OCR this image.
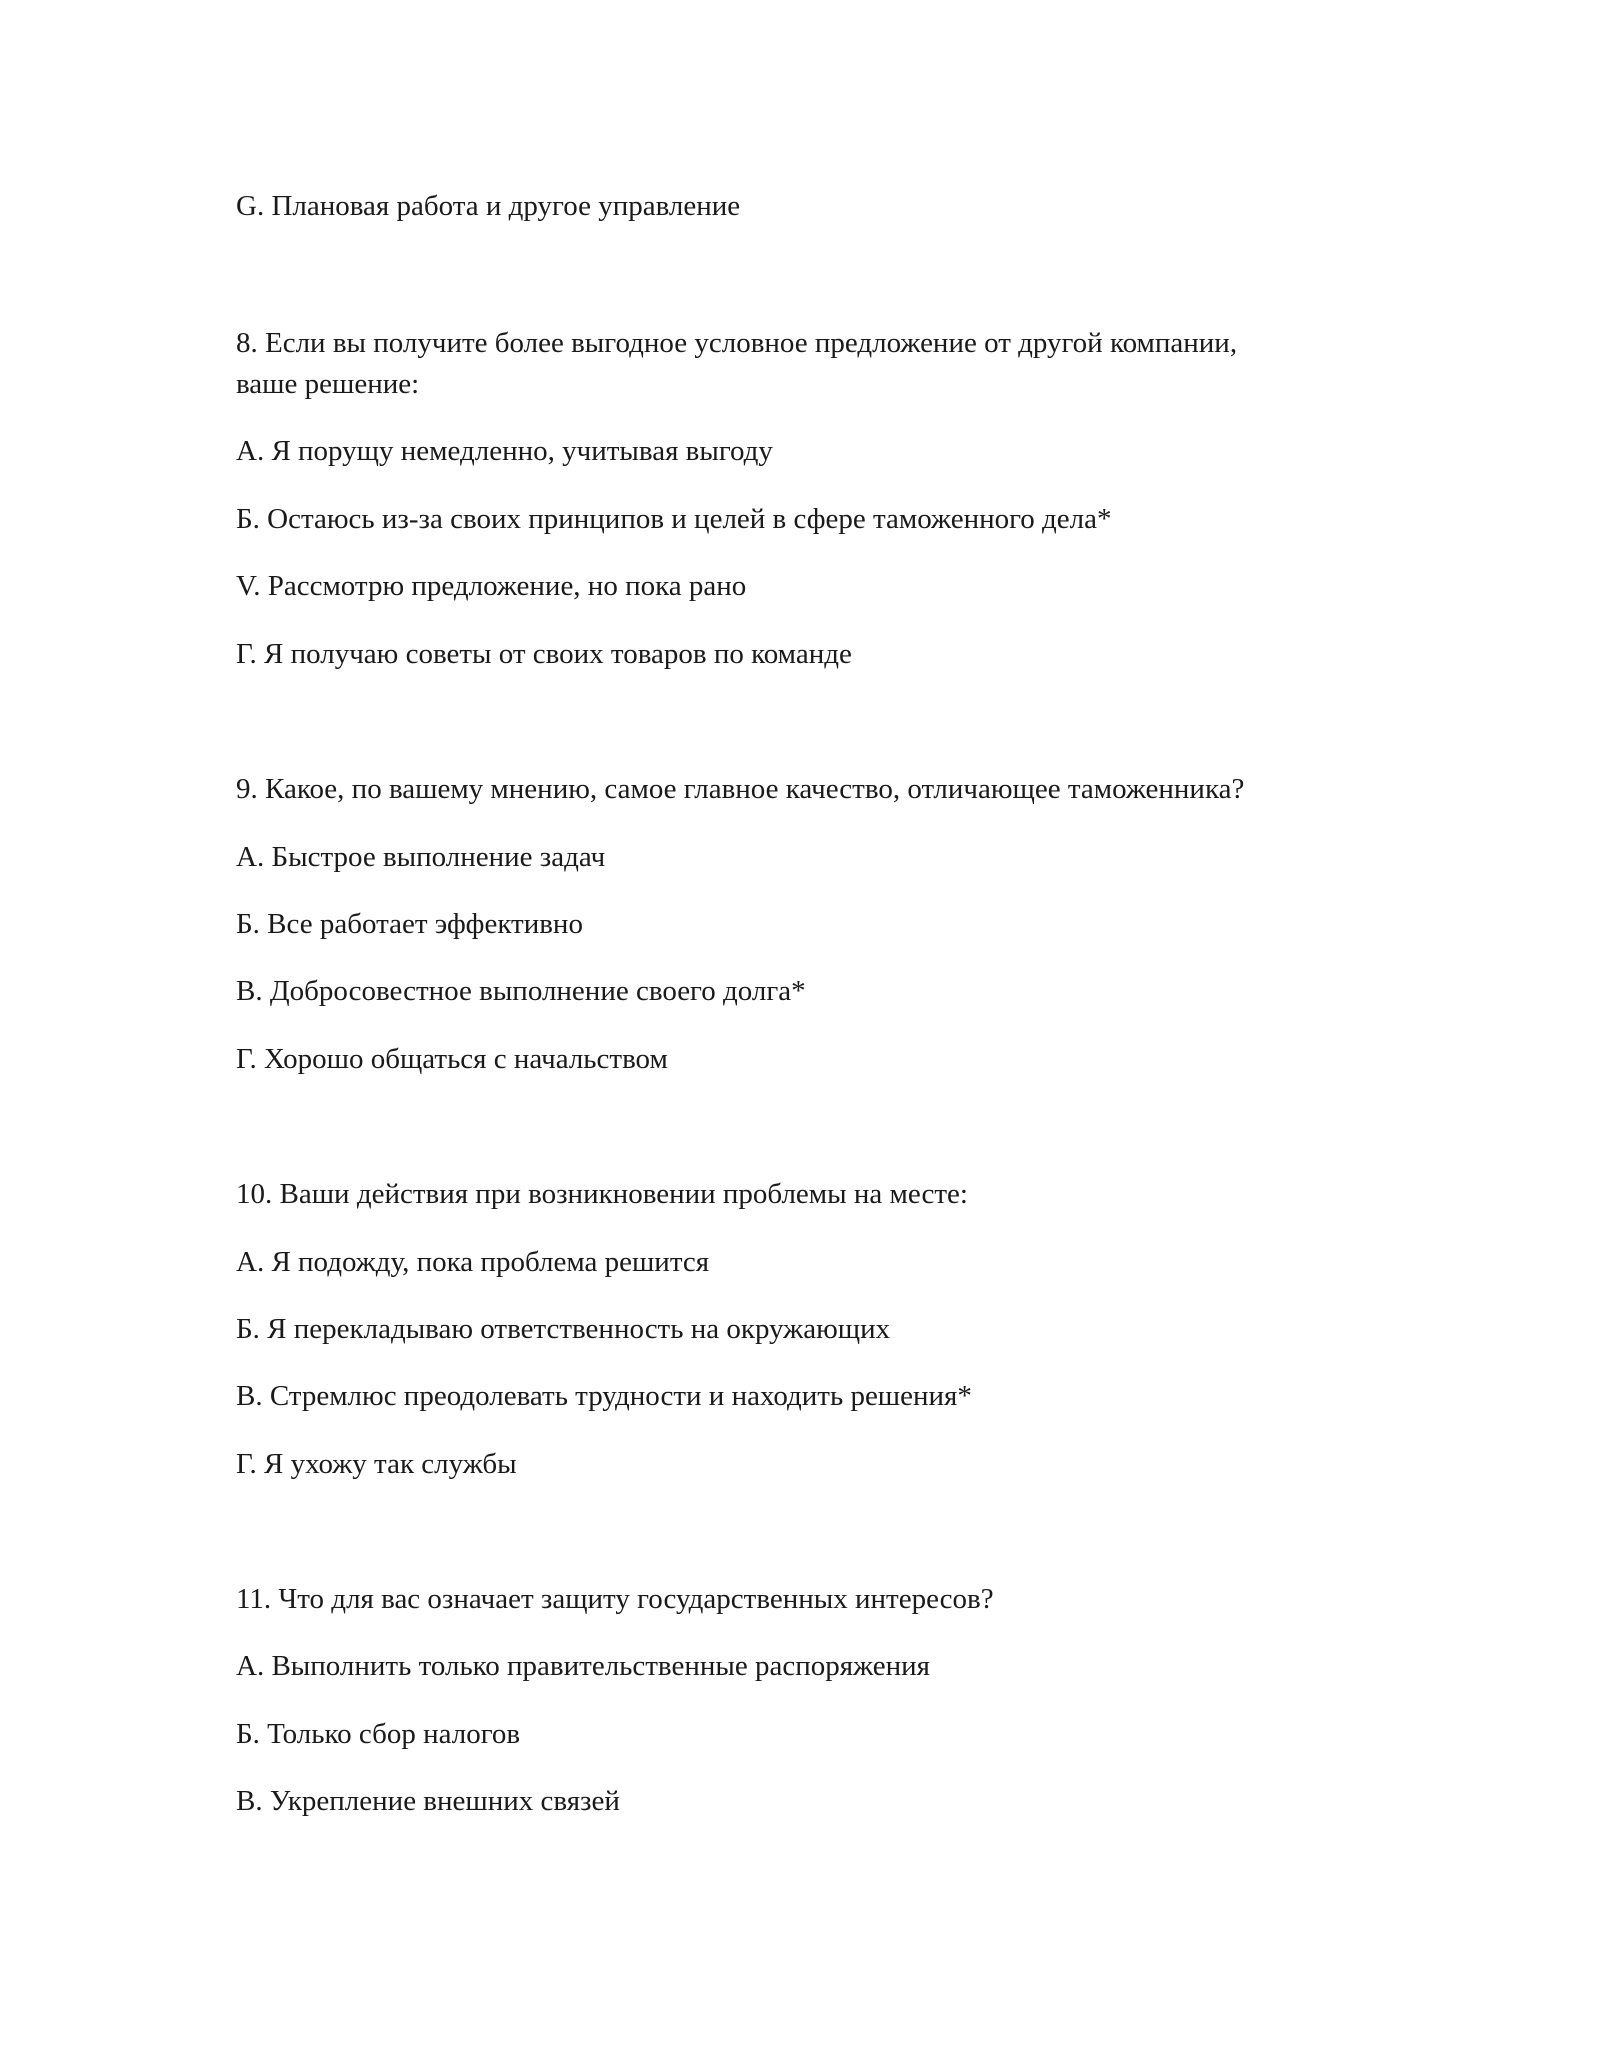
G. Плановая работа и другое управление
8. Если вы получите более выгодное условное предложение от другой компании,
ваше решение:
А. Я порущу немедленно, учитывая выгоду
Б. Остаюсь из-за своих принципов и целей в сфере таможенного дела*
V. Рассмотрю предложение, но пока рано
Г. Я получаю советы от своих товаров по команде
9. Какое, по вашему мнению, самое главное качество, отличающее таможенника?
А. Быстрое выполнение задач
Б. Все работает эффективно
В. Добросовестное выполнение своего долга*
Г. Хорошо общаться с начальством
10. Ваши действия при возникновении проблемы на месте:
А. Я подожду, пока проблема решится
Б. Я перекладываю ответственность на окружающих
В. Стремлюс преодолевать трудности и находить решения*
Г. Я ухожу так службы
11. Что для вас означает защиту государственных интересов?
А. Выполнить только правительственные распоряжения
Б. Только сбор налогов
В. Укрепление внешних связей
